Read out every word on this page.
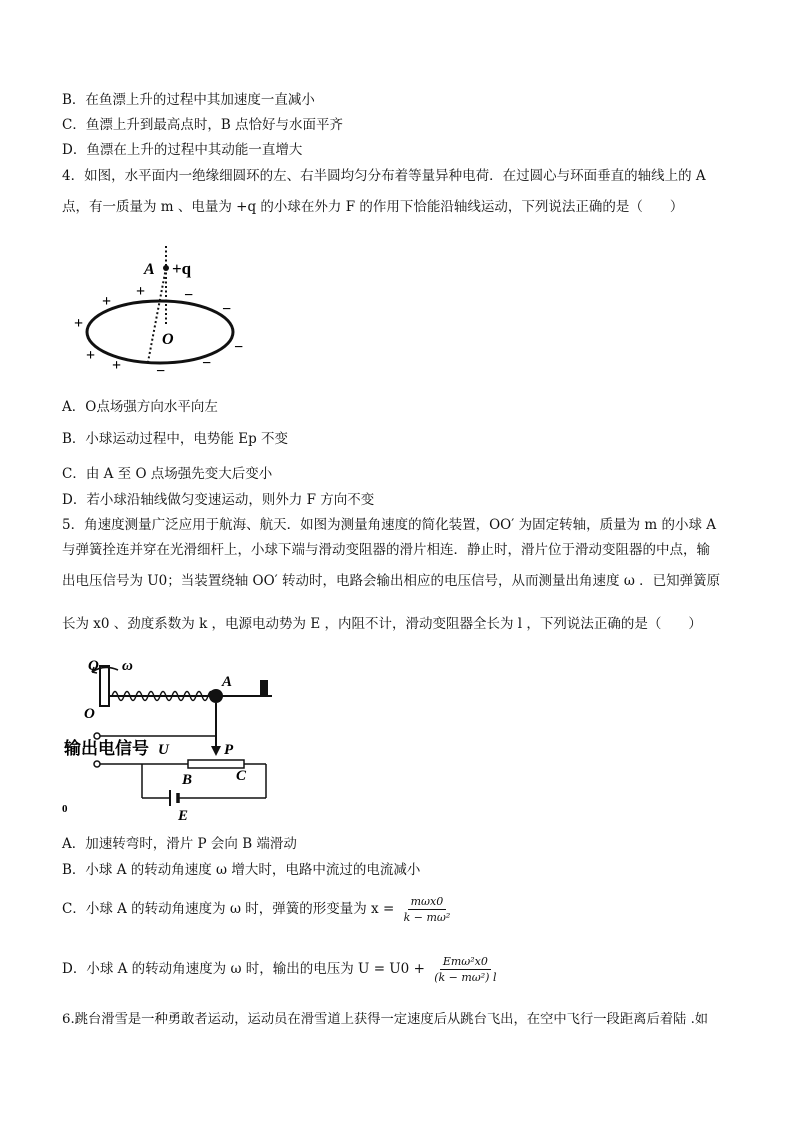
B．在鱼漂上升的过程中其加速度一直减小
C．鱼漂上升到最高点时，B 点恰好与水面平齐
D．鱼漂在上升的过程中其动能一直增大
4．如图，水平面内一绝缘细圆环的左、右半圆均匀分布着等量异种电荷．在过圆心与环面垂直的轴线上的 A
点，有一质量为 m 、电量为 +q 的小球在外力 F 的作用下恰能沿轴线运动，下列说法正确的是（　　）
A +q
O
+
+
+
+
+
−
−
−
−
−
A．O点场强方向水平向左
B．小球运动过程中，电势能 Ep 不变
C．由 A 至 O 点场强先变大后变小
D．若小球沿轴线做匀变速运动，则外力 F 方向不变
5．角速度测量广泛应用于航海、航天．如图为测量角速度的简化装置，OO′ 为固定转轴，质量为 m 的小球 A
与弹簧拴连并穿在光滑细杆上，小球下端与滑动变阻器的滑片相连．静止时，滑片位于滑动变阻器的中点，输
出电压信号为 U0；当装置绕轴 OO′ 转动时，电路会输出相应的电压信号，从而测量出角速度 ω ．已知弹簧原
长为 x0 、劲度系数为 k ，电源电动势为 E ，内阻不计，滑动变阻器全长为 l ，下列说法正确的是（　　）
O ω
O
A
P
输出电信号 U
B	C
E
0
A．加速转弯时，滑片 P 会向 B 端滑动
B．小球 A 的转动角速度 ω 增大时，电路中流过的电流减小
C．小球 A 的转动角速度为 ω 时，弹簧的形变量为 $x = \frac{\text{mωx0}}{\text{k − mω²}}$
D．小球 A 的转动角速度为 ω 时，输出的电压为 $U = U0 + \frac{\text{Emω²x0}}{\text{(k − mω²) l}}$
6.跳台滑雪是一种勇敢者运动，运动员在滑雪道上获得一定速度后从跳台飞出，在空中飞行一段距离后着陆 .如
